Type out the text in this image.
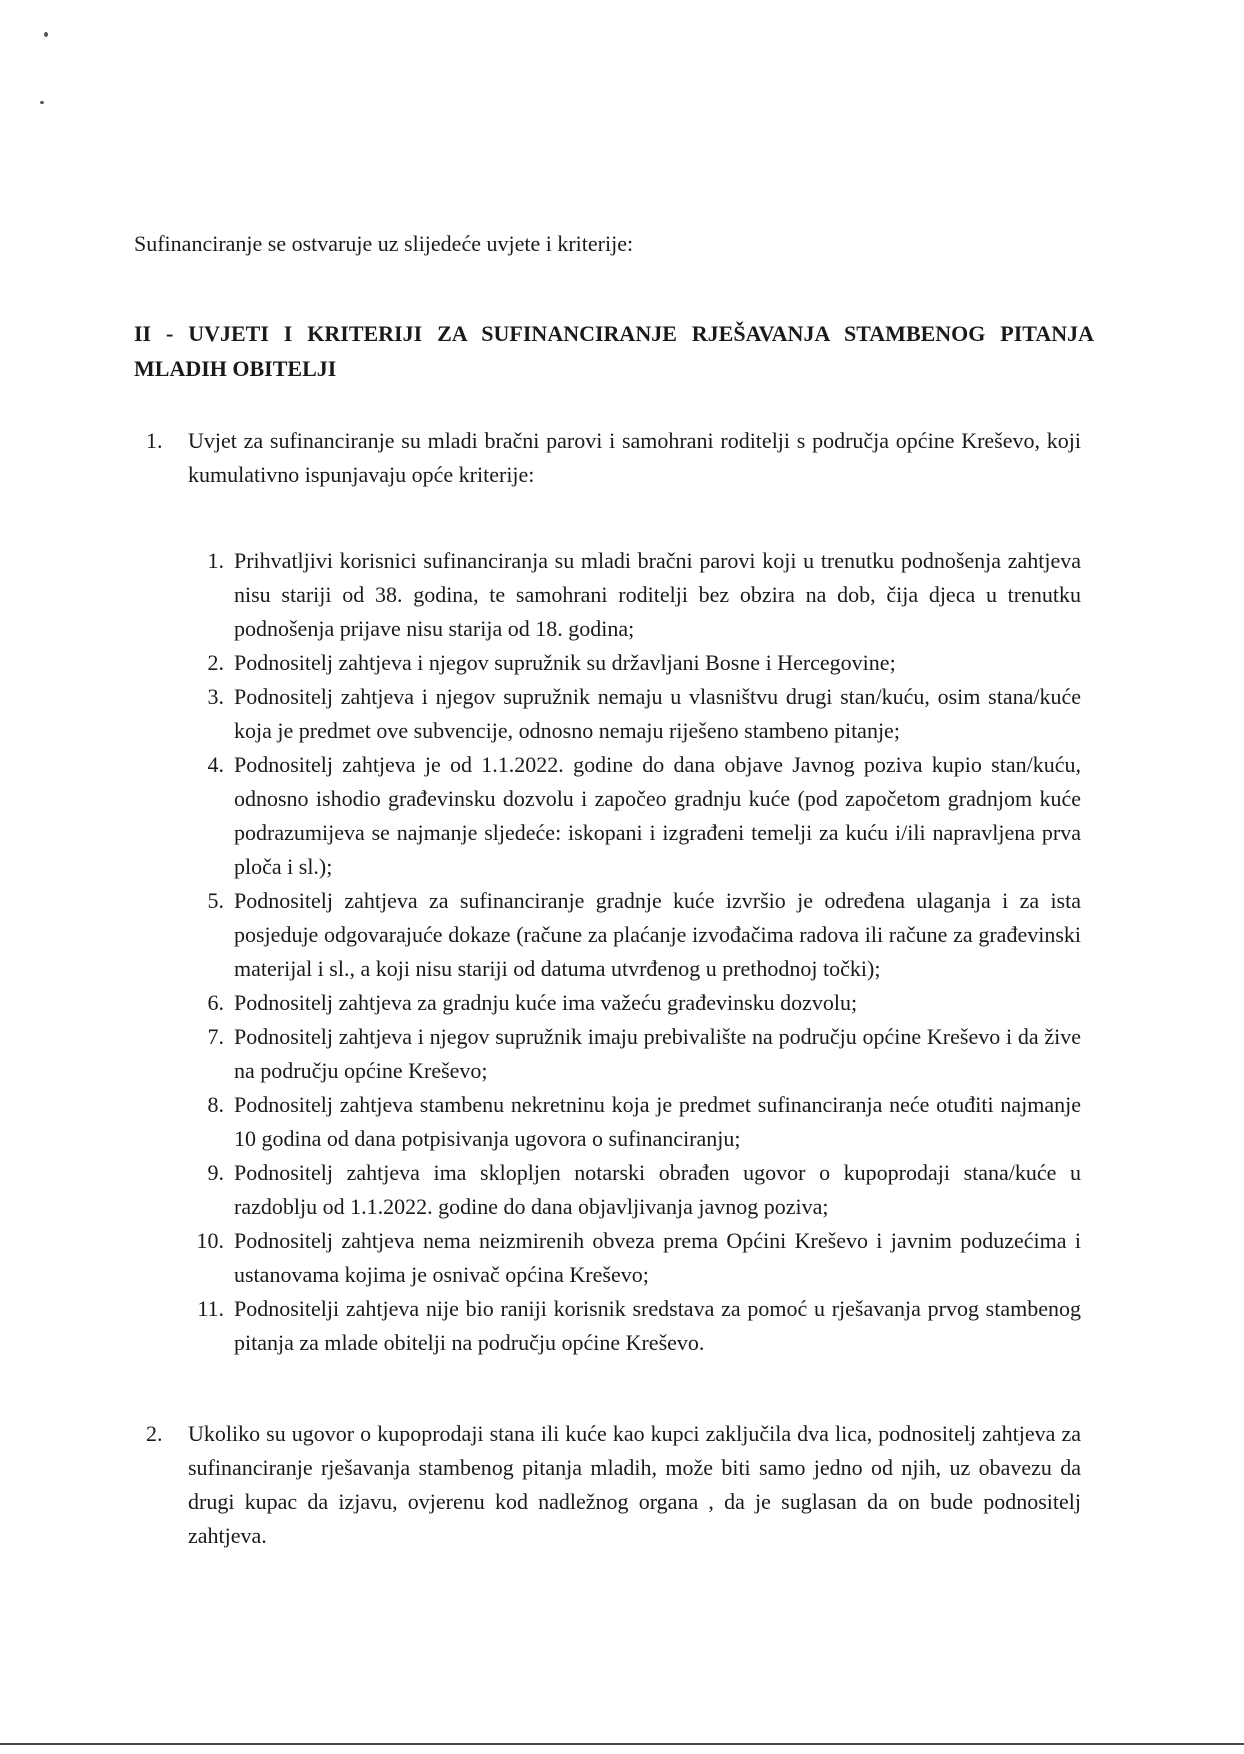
Sufinanciranje se ostvaruje uz slijedeće uvjete i kriterije:

II - UVJETI I KRITERIJI ZA SUFINANCIRANJE RJEŠAVANJA STAMBENOG PITANJA MLADIH OBITELJI

1. Uvjet za sufinanciranje su mladi bračni parovi i samohrani roditelji s područja općine Kreševo, koji kumulativno ispunjavaju opće kriterije:
1. Prihvatljivi korisnici sufinanciranja su mladi bračni parovi koji u trenutku podnošenja zahtjeva nisu stariji od 38. godina, te samohrani roditelji bez obzira na dob, čija djeca u trenutku podnošenja prijave nisu starija od 18. godina;
2. Podnositelj zahtjeva i njegov supružnik su državljani Bosne i Hercegovine;
3. Podnositelj zahtjeva i njegov supružnik nemaju u vlasništvu drugi stan/kuću, osim stana/kuće koja je predmet ove subvencije, odnosno nemaju riješeno stambeno pitanje;
4. Podnositelj zahtjeva je od 1.1.2022. godine do dana objave Javnog poziva kupio stan/kuću, odnosno ishodio građevinsku dozvolu i započeo gradnju kuće (pod započetom gradnjom kuće podrazumijeva se najmanje sljedeće: iskopani i izgrađeni temelji za kuću i/ili napravljena prva ploča i sl.);
5. Podnositelj zahtjeva za sufinanciranje gradnje kuće izvršio je određena ulaganja i za ista posjeduje odgovarajuće dokaze (račune za plaćanje izvođačima radova ili račune za građevinski materijal i sl., a koji nisu stariji od datuma utvrđenog u prethodnoj točki);
6. Podnositelj zahtjeva za gradnju kuće ima važeću građevinsku dozvolu;
7. Podnositelj zahtjeva i njegov supružnik imaju prebivalište na području općine Kreševo i da žive na području općine Kreševo;
8. Podnositelj zahtjeva stambenu nekretninu koja je predmet sufinanciranja neće otuđiti najmanje 10 godina od dana potpisivanja ugovora o sufinanciranju;
9. Podnositelj zahtjeva ima sklopljen notarski obrađen ugovor o kupoprodaji stana/kuće u razdoblju od 1.1.2022. godine do dana objavljivanja javnog poziva;
10. Podnositelj zahtjeva nema neizmirenih obveza prema Općini Kreševo i javnim poduzećima i ustanovama kojima je osnivač općina Kreševo;
11. Podnositelji zahtjeva nije bio raniji korisnik sredstava za pomoć u rješavanja prvog stambenog pitanja za mlade obitelji na području općine Kreševo.
2. Ukoliko su ugovor o kupoprodaji stana ili kuće kao kupci zaključila dva lica, podnositelj zahtjeva za sufinanciranje rješavanja stambenog pitanja mladih, može biti samo jedno od njih, uz obavezu da drugi kupac da izjavu, ovjerenu kod nadležnog organa , da je suglasan da on bude podnositelj zahtjeva.
